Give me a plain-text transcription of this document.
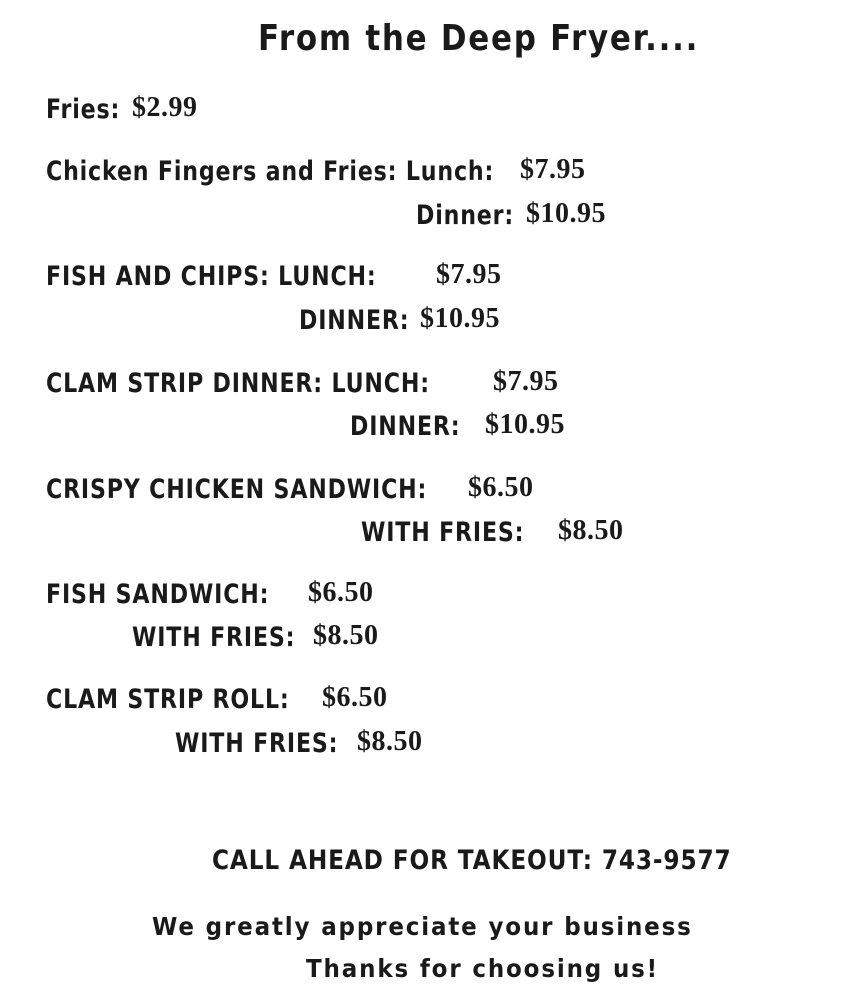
From the Deep Fryer....
Fries: $2.99
Chicken Fingers and Fries: Lunch: $7.95
Dinner: $10.95
FISH AND CHIPS: LUNCH: $7.95
DINNER: $10.95
CLAM STRIP DINNER: LUNCH: $7.95
DINNER: $10.95
CRISPY CHICKEN SANDWICH: $6.50
WITH FRIES: $8.50
FISH SANDWICH: $6.50
WITH FRIES: $8.50
CLAM STRIP ROLL: $6.50
WITH FRIES: $8.50
CALL AHEAD FOR TAKEOUT: 743-9577
We greatly appreciate your business
Thanks for choosing us!
